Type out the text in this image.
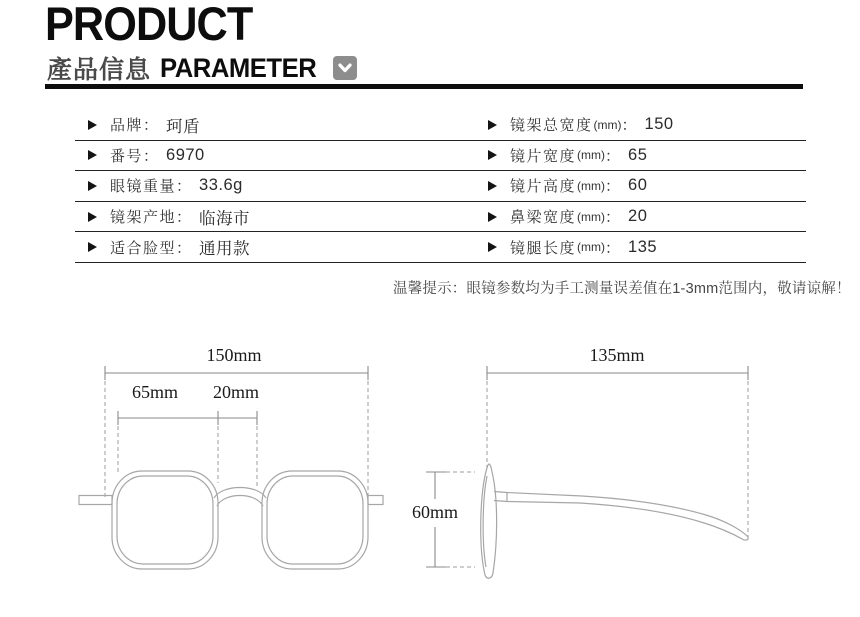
PRODUCT
產品信息 PARAMETER
品牌 ： 珂盾	镜架总宽度 (mm) ： 150
番号 ： 6970	镜片宽度 (mm) ： 65
眼镜重量 ： 33.6g	镜片高度 (mm) ： 60
镜架产地 ： 临海市	鼻梁宽度 (mm) ： 20
适合脸型 ： 通用款	镜腿长度 (mm) ： 135
温馨提示：眼镜参数均为手工测量误差值在1-3mm范围内，敬请谅解！
150mm
65mm	20mm
135mm
60mm
